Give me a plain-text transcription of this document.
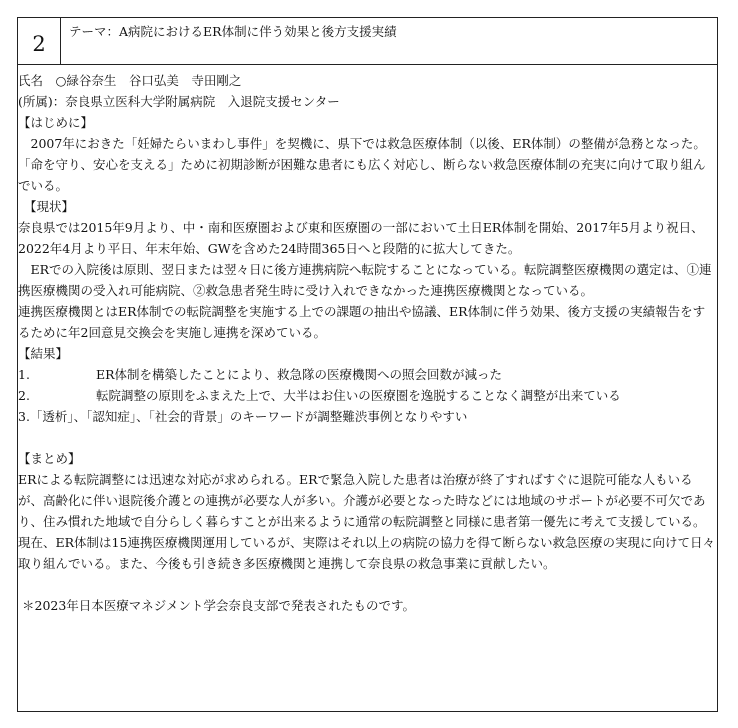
2
テーマ：A病院におけるER体制に伴う効果と後方支援実績

氏名　○緑谷奈生　谷口弘美　寺田剛之

(所属)：奈良県立医科大学附属病院　入退院支援センター

【はじめに】

　2007年におきた「妊婦たらいまわし事件」を契機に、県下では救急医療体制（以後、ER体制）の整備が急務となった。「命を守り、安心を支える」ために初期診断が困難な患者にも広く対応し、断らない救急医療体制の充実に向けて取り組んでいる。

【現状】

奈良県では2015年9月より、中・南和医療圏および東和医療圏の一部において土日ER体制を開始、2017年5月より祝日、2022年4月より平日、年末年始、GWを含めた24時間365日へと段階的に拡大してきた。

　ERでの入院後は原則、翌日または翌々日に後方連携病院へ転院することになっている。転院調整医療機関の選定は、①連携医療機関の受入れ可能病院、②救急患者発生時に受け入れできなかった連携医療機関となっている。

連携医療機関とはER体制での転院調整を実施する上での課題の抽出や協議、ER体制に伴う効果、後方支援の実績報告をするために年2回意見交換会を実施し連携を深めている。

【結果】

1.	ER体制を構築したことにより、救急隊の医療機関への照会回数が減った
2.	転院調整の原則をふまえた上で、大半はお住いの医療圏を逸脱することなく調整が出来ている

3.「透析」、「認知症」、「社会的背景」のキーワードが調整難渋事例となりやすい

【まとめ】

ERによる転院調整には迅速な対応が求められる。ERで緊急入院した患者は治療が終了すればすぐに退院可能な人もいるが、高齢化に伴い退院後介護との連携が必要な人が多い。介護が必要となった時などには地域のサポートが必要不可欠であり、住み慣れた地域で自分らしく暮らすことが出来るように通常の転院調整と同様に患者第一優先に考えて支援している。

現在、ER体制は15連携医療機関運用しているが、実際はそれ以上の病院の協力を得て断らない救急医療の実現に向けて日々取り組んでいる。また、今後も引き続き多医療機関と連携して奈良県の救急事業に貢献したい。

＊2023年日本医療マネジメント学会奈良支部で発表されたものです。
